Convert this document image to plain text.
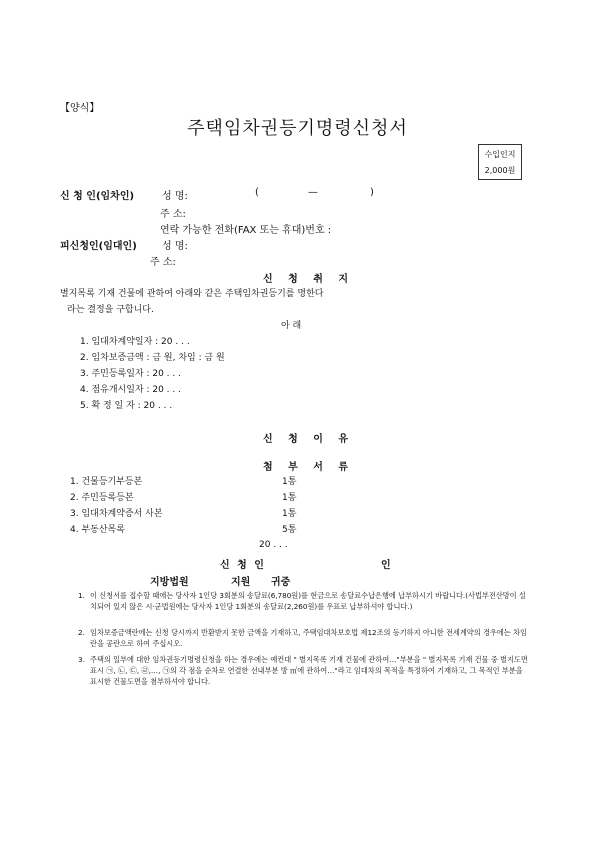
【양식】
주택임차권등기명령신청서
수입인지
2,000원
신 청 인(임차인)	성 명:	(	—	)
주 소:
연락 가능한 전화(FAX 또는 휴대)번호 :
피신청인(임대인)	성 명:
주 소:
신 청 취 지
별지목록 기재 건물에 관하여 아래와 같은 주택임차권등기를 명한다
라는 결정을 구합니다.
아 래
1. 임대차계약일자 : 20 . . .
2. 임차보증금액 : 금 원, 차임 : 금 원
3. 주민등록일자 : 20 . . .
4. 점유개시일자 : 20 . . .
5. 확 정 일 자 : 20 . . .
신 청 이 유
첨 부 서 류
1. 건물등기부등본	1통
2. 주민등록등본	1통
3. 임대차계약증서 사본	1통
4. 부동산목록	5통
20 . . .
신 청 인	인
지방법원	지원 귀중
1. 이 신청서를 접수할 때에는 당사자 1인당 3회분의 송달료(6,780원)를 현금으로 송달료수납은행에 납부하시기 바랍니다.(사법부전산망이 설치되어 있지 않은 시·군법원에는 당사자 1인당 1회분의 송달료(2,260원)를 우표로 납부하셔야 합니다.)
2. 임차보증금액란에는 신청 당시까지 반환받지 못한 금액을 기재하고, 주택임대차보호법 제12조의 등기하지 아니한 전세계약의 경우에는 차임란을 공란으로 하여 주십시오.
3. 주택의 일부에 대한 임차권등기명령신청을 하는 경우에는 예컨대 " 별지목록 기재 건물에 관하여…"부분을 " 별지목록 기재 건물 중 별지도면 표시 ㉠, ㉡, ㉢, ㉣,…, ㉠의 각 점을 순차로 연결한 선내부분 방 ㎡에 관하여…"라고 임대차의 목적을 특정하여 기재하고, 그 목적인 부분을 표시한 건물도면을 첨부하셔야 합니다.
